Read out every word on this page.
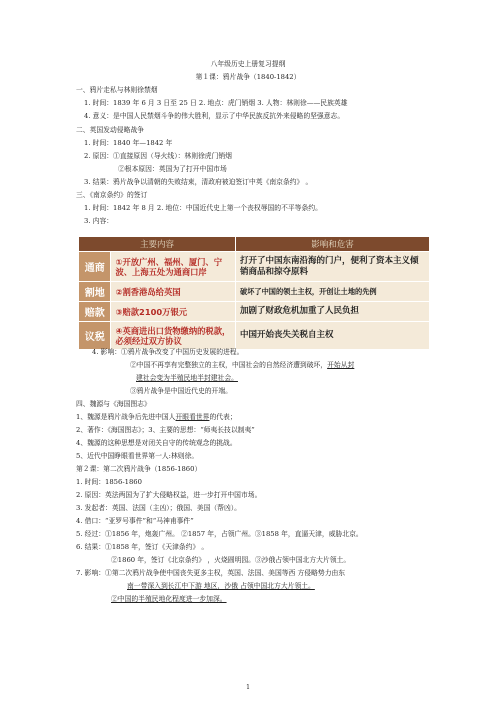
八年级历史上册复习提纲
第１课：鸦片战争（1840-1842）
一、鸦片走私与林则徐禁烟
1. 时间：1839 年 6 月 3 日至 25 日 2. 地点：虎门销烟 3. 人物：林则徐——民族英雄
4. 意义：是中国人民禁烟斗争的伟大胜利，显示了中华民族反抗外来侵略的坚强意志。
二、英国发动侵略战争
1. 时间：1840 年—1842 年
2. 原因：①直接原因（导火线）：林则徐虎门销烟
②根本原因：英国为了打开中国市场
3. 结果：鸦片战争以清朝的失败结束，清政府被迫签订中英《南京条约》 。
三、《南京条约》的签订
1. 时间：1842 年 8 月 2. 地位：中国近代史上第一个丧权辱国的不平等条约。
3. 内容：
主要内容		影响和危害
通商	①开放广州、福州、厦门、宁波、上海五处为通商口岸	打开了中国东南沿海的门户，便利了资本主义倾销商品和掠夺原料
割地	②割香港岛给英国	破坏了中国的领土主权，开创让土地的先例
赔款	③赔款2100万银元	加剧了财政危机加重了人民负担
议税	④英商进出口货物缴纳的税款，必须经过双方协议	中国开始丧失关税自主权
4. 影响：①鸦片战争改变了中国历史发展的进程。
②中国不再享有完整独立的主权，中国社会的自然经济遭到破坏，开始从封
建社会变为半殖民地半封建社会。
③鸦片战争是中国近代史的开端。
四、魏源与《海国图志》
1、魏源是鸦片战争后先进中国人开眼看世界的代表；
2、著作：《海国图志》；3、主要的思想：“师夷长技以制夷”
4、魏源的这种思想是对闭关自守的传统观念的挑战。
5、近代中国睁眼看世界第一人:林则徐。
第２课：第二次鸦片战争（1856-1860）
1. 时间：1856-1860
2. 原因：英法两国为了扩大侵略权益，进一步打开中国市场。
3. 发起者：英国、法国（主凶）；俄国、美国（帮凶）。
4. 借口：“亚罗号事件”和“马神甫事件”
5. 经过：①1856 年，炮轰广州。 ②1857 年，占领广州。③1858 年，直逼天津，威胁北京。
6. 结果：①1858 年，签订《天津条约》 。
②1860 年，签订《北京条约》 ，火烧圆明园。③沙俄占领中国北方大片领土。
7. 影响：①第二次鸦片战争使中国丧失更多主权，英国、法国、美国等西 方侵略势力由东
南一带深入到长江中下游 地区，沙俄 占领中国北方大片领土。
②中国的半殖民地化程度进一步加深。
1
